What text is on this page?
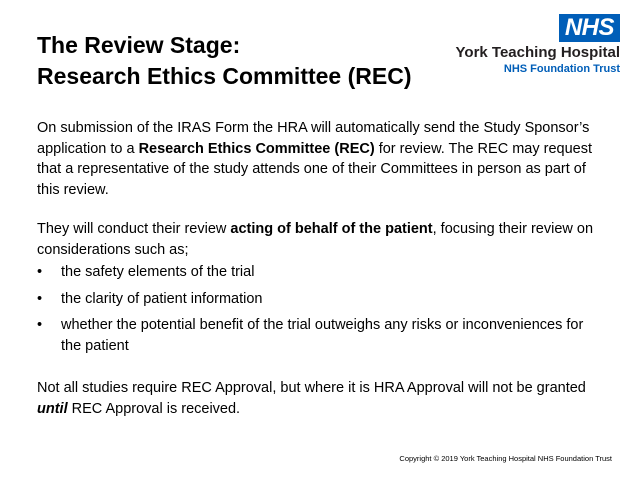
The Review Stage:
Research Ethics Committee (REC)
NHS
York Teaching Hospital
NHS Foundation Trust

On submission of the IRAS Form the HRA will automatically send the Study Sponsor’s application to a Research Ethics Committee (REC) for review. The REC may request that a representative of the study attends one of their Committees in person as part of this review.

They will conduct their review acting of behalf of the patient, focusing their review on considerations such as;

• the safety elements of the trial
• the clarity of patient information
• whether the potential benefit of the trial outweighs any risks or inconveniences for the patient

Not all studies require REC Approval, but where it is HRA Approval will not be granted until REC Approval is received.

Copyright © 2019 York Teaching Hospital NHS Foundation Trust
